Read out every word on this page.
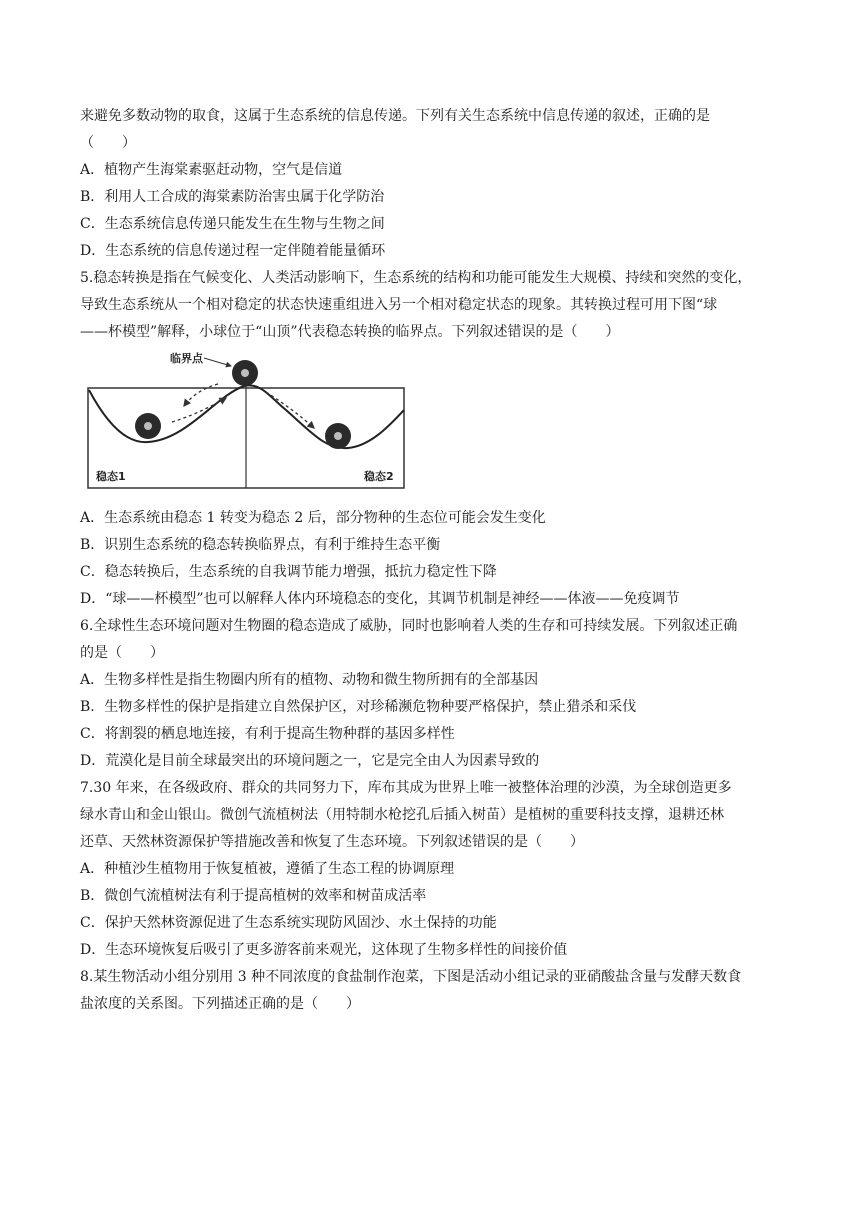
来避免多数动物的取食，这属于生态系统的信息传递。下列有关生态系统中信息传递的叙述，正确的是
（　　）
A．植物产生海棠素驱赶动物，空气是信道
B．利用人工合成的海棠素防治害虫属于化学防治
C．生态系统信息传递只能发生在生物与生物之间
D．生态系统的信息传递过程一定伴随着能量循环
5.稳态转换是指在气候变化、人类活动影响下，生态系统的结构和功能可能发生大规模、持续和突然的变化，
导致生态系统从一个相对稳定的状态快速重组进入另一个相对稳定状态的现象。其转换过程可用下图“球
——杯模型”解释，小球位于“山顶”代表稳态转换的临界点。下列叙述错误的是（　　）
临界点
稳态1	稳态2
A．生态系统由稳态 1 转变为稳态 2 后，部分物种的生态位可能会发生变化
B．识别生态系统的稳态转换临界点，有利于维持生态平衡
C．稳态转换后，生态系统的自我调节能力增强，抵抗力稳定性下降
D．“球——杯模型”也可以解释人体内环境稳态的变化，其调节机制是神经——体液——免疫调节
6.全球性生态环境问题对生物圈的稳态造成了威胁，同时也影响着人类的生存和可持续发展。下列叙述正确
的是（　　）
A．生物多样性是指生物圈内所有的植物、动物和微生物所拥有的全部基因
B．生物多样性的保护是指建立自然保护区，对珍稀濒危物种要严格保护，禁止猎杀和采伐
C．将割裂的栖息地连接，有利于提高生物种群的基因多样性
D．荒漠化是目前全球最突出的环境问题之一，它是完全由人为因素导致的
7.30 年来，在各级政府、群众的共同努力下，库布其成为世界上唯一被整体治理的沙漠，为全球创造更多
绿水青山和金山银山。微创气流植树法（用特制水枪挖孔后插入树苗）是植树的重要科技支撑，退耕还林
还草、天然林资源保护等措施改善和恢复了生态环境。下列叙述错误的是（　　）
A．种植沙生植物用于恢复植被，遵循了生态工程的协调原理
B．微创气流植树法有利于提高植树的效率和树苗成活率
C．保护天然林资源促进了生态系统实现防风固沙、水土保持的功能
D．生态环境恢复后吸引了更多游客前来观光，这体现了生物多样性的间接价值
8.某生物活动小组分别用 3 种不同浓度的食盐制作泡菜，下图是活动小组记录的亚硝酸盐含量与发酵天数食
盐浓度的关系图。下列描述正确的是（　　）
